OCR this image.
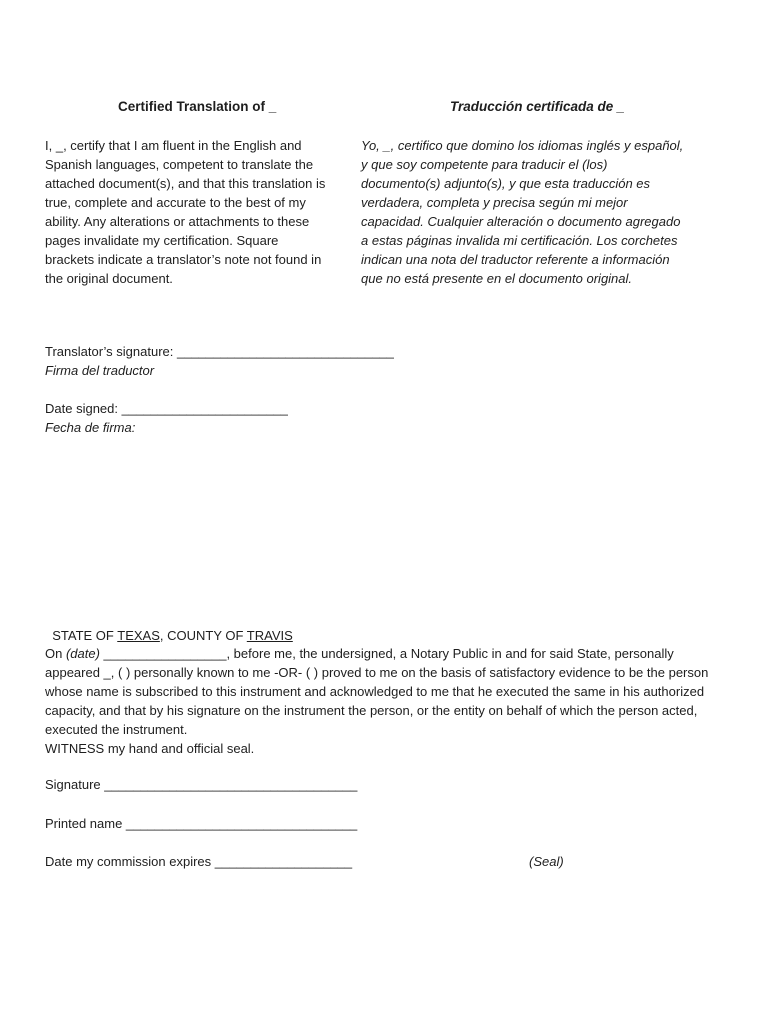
Certified Translation of _	Traducción certificada de _
I, _, certify that I am fluent in the English and
Spanish languages, competent to translate the
attached document(s), and that this translation is
true, complete and accurate to the best of my
ability. Any alterations or attachments to these
pages invalidate my certification. Square
brackets indicate a translator’s note not found in
the original document.
Yo, _, certifico que domino los idiomas inglés y español,
y que soy competente para traducir el (los)
documento(s) adjunto(s), y que esta traducción es
verdadera, completa y precisa según mi mejor
capacidad. Cualquier alteración o documento agregado
a estas páginas invalida mi certificación. Los corchetes
indican una nota del traductor referente a información
que no está presente en el documento original.
Translator’s signature: ______________________________
Firma del traductor
Date signed: _______________________
Fecha de firma:

STATE OF TEXAS, COUNTY OF TRAVIS

On (date) _________________, before me, the undersigned, a Notary Public in and for said State, personally appeared _, ( ) personally known to me -OR- ( ) proved to me on the basis of satisfactory evidence to be the person whose name is subscribed to this instrument and acknowledged to me that he executed the same in his authorized capacity, and that by his signature on the instrument the person, or the entity on behalf of which the person acted, executed the instrument.

WITNESS my hand and official seal.

Signature ___________________________________
Printed name ________________________________
Date my commission expires ___________________	(Seal)
